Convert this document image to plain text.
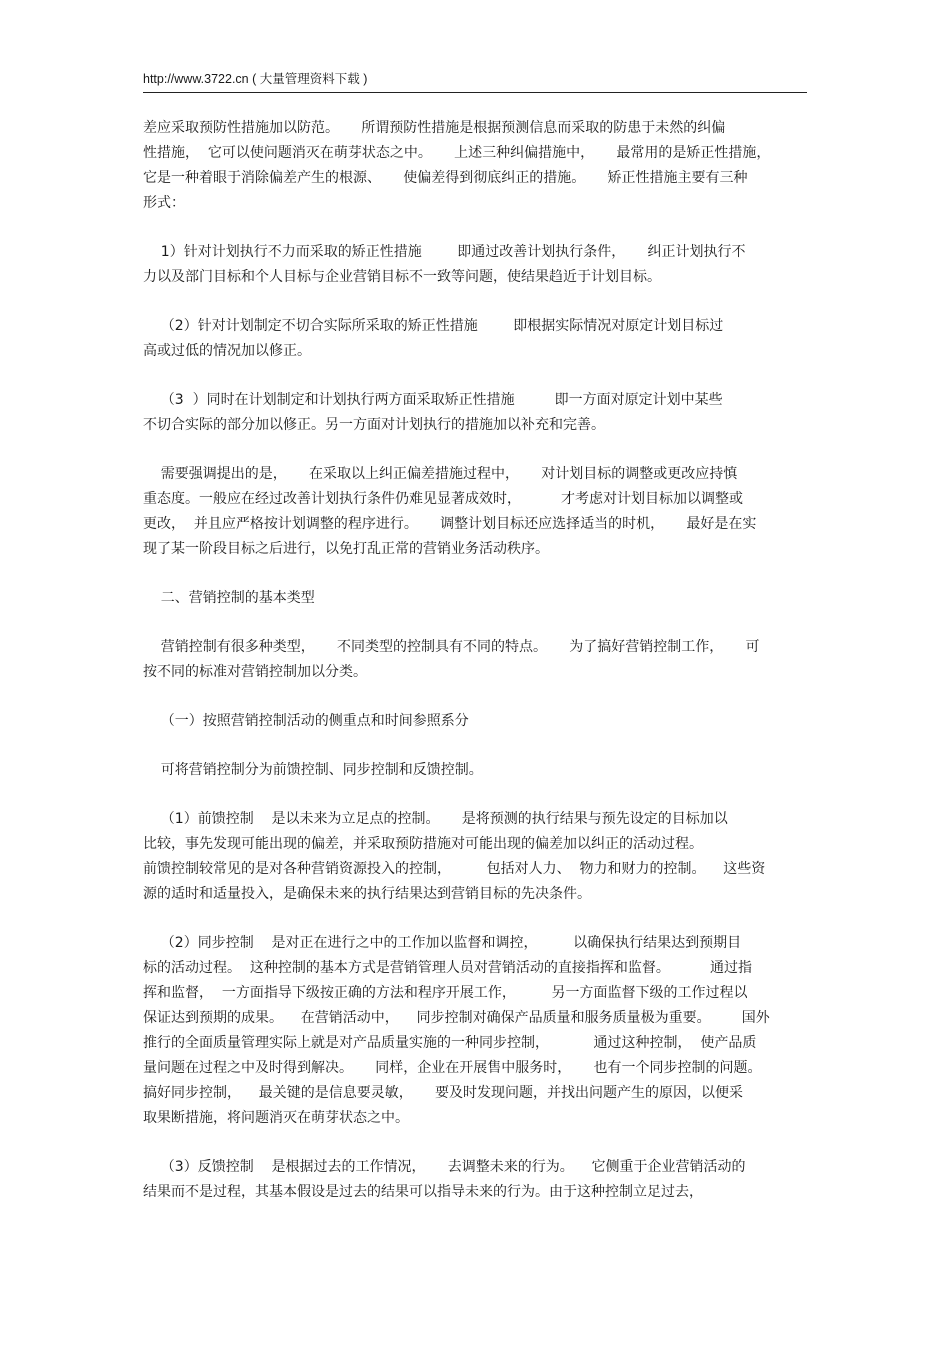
http://www.3722.cn ( 大量管理资料下载 )
差应采取预防性措施加以防范。     所谓预防性措施是根据预测信息而采取的防患于未然的纠偏
性措施，  它可以使问题消灭在萌芽状态之中。     上述三种纠偏措施中，     最常用的是矫正性措施，
它是一种着眼于消除偏差产生的根源、     使偏差得到彻底纠正的措施。     矫正性措施主要有三种
形式：
1）针对计划执行不力而采取的矫正性措施        即通过改善计划执行条件，     纠正计划执行不
力以及部门目标和个人目标与企业营销目标不一致等问题，使结果趋近于计划目标。
（2）针对计划制定不切合实际所采取的矫正性措施        即根据实际情况对原定计划目标过
高或过低的情况加以修正。
（3  ）同时在计划制定和计划执行两方面采取矫正性措施         即一方面对原定计划中某些
不切合实际的部分加以修正。另一方面对计划执行的措施加以补充和完善。
需要强调提出的是，     在采取以上纠正偏差措施过程中，     对计划目标的调整或更改应持慎
重态度。一般应在经过改善计划执行条件仍难见显著成效时，         才考虑对计划目标加以调整或
更改，  并且应严格按计划调整的程序进行。     调整计划目标还应选择适当的时机，     最好是在实
现了某一阶段目标之后进行，以免打乱正常的营销业务活动秩序。
二、营销控制的基本类型
营销控制有很多种类型，     不同类型的控制具有不同的特点。     为了搞好营销控制工作，     可
按不同的标准对营销控制加以分类。
（一）按照营销控制活动的侧重点和时间参照系分
可将营销控制分为前馈控制、同步控制和反馈控制。
（1）前馈控制    是以未来为立足点的控制。     是将预测的执行结果与预先设定的目标加以
比较，事先发现可能出现的偏差，并采取预防措施对可能出现的偏差加以纠正的活动过程。
前馈控制较常见的是对各种营销资源投入的控制，        包括对人力、  物力和财力的控制。    这些资
源的适时和适量投入，是确保未来的执行结果达到营销目标的先决条件。
（2）同步控制    是对正在进行之中的工作加以监督和调控，        以确保执行结果达到预期目
标的活动过程。  这种控制的基本方式是营销管理人员对营销活动的直接指挥和监督。         通过指
挥和监督，  一方面指导下级按正确的方法和程序开展工作，        另一方面监督下级的工作过程以
保证达到预期的成果。    在营销活动中，    同步控制对确保产品质量和服务质量极为重要。       国外
推行的全面质量管理实际上就是对产品质量实施的一种同步控制，          通过这种控制，  使产品质
量问题在过程之中及时得到解决。     同样，企业在开展售中服务时，     也有一个同步控制的问题。
搞好同步控制，    最关键的是信息要灵敏，     要及时发现问题，并找出问题产生的原因，以便采
取果断措施，将问题消灭在萌芽状态之中。
（3）反馈控制    是根据过去的工作情况，     去调整未来的行为。    它侧重于企业营销活动的
结果而不是过程，其基本假设是过去的结果可以指导未来的行为。由于这种控制立足过去，
